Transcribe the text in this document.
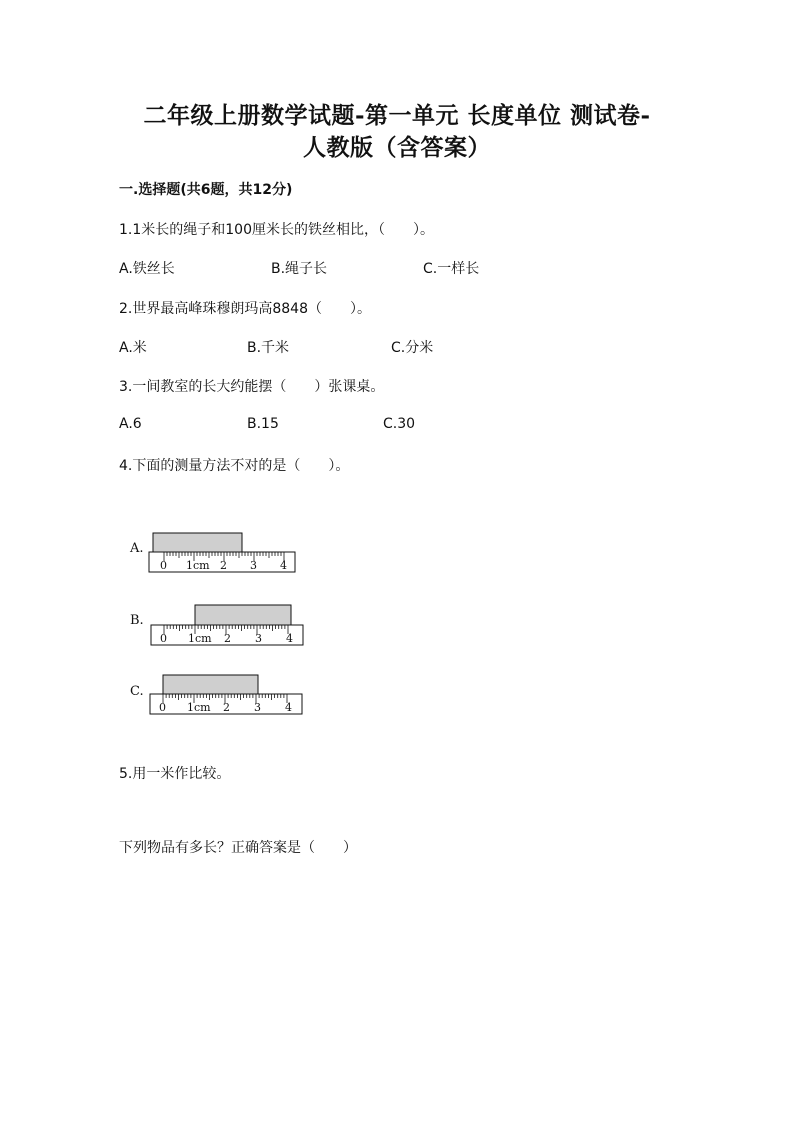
二年级上册数学试题-第一单元 长度单位 测试卷-
人教版（含答案）
一.选择题(共6题，共12分)
1.1米长的绳子和100厘米长的铁丝相比，（　　）。
A.铁丝长	B.绳子长	C.一样长
2.世界最高峰珠穆朗玛高8848（　　）。
A.米	B.千米	C.分米
3.一间教室的长大约能摆（　　）张课桌。
A.6	B.15	C.30
4.下面的测量方法不对的是（　　）。
A.
0 1cm 2 3 4
B.
0 1cm 2 3 4
C.
0 1cm 2 3 4
5.用一米作比较。
下列物品有多长？正确答案是（　　）
